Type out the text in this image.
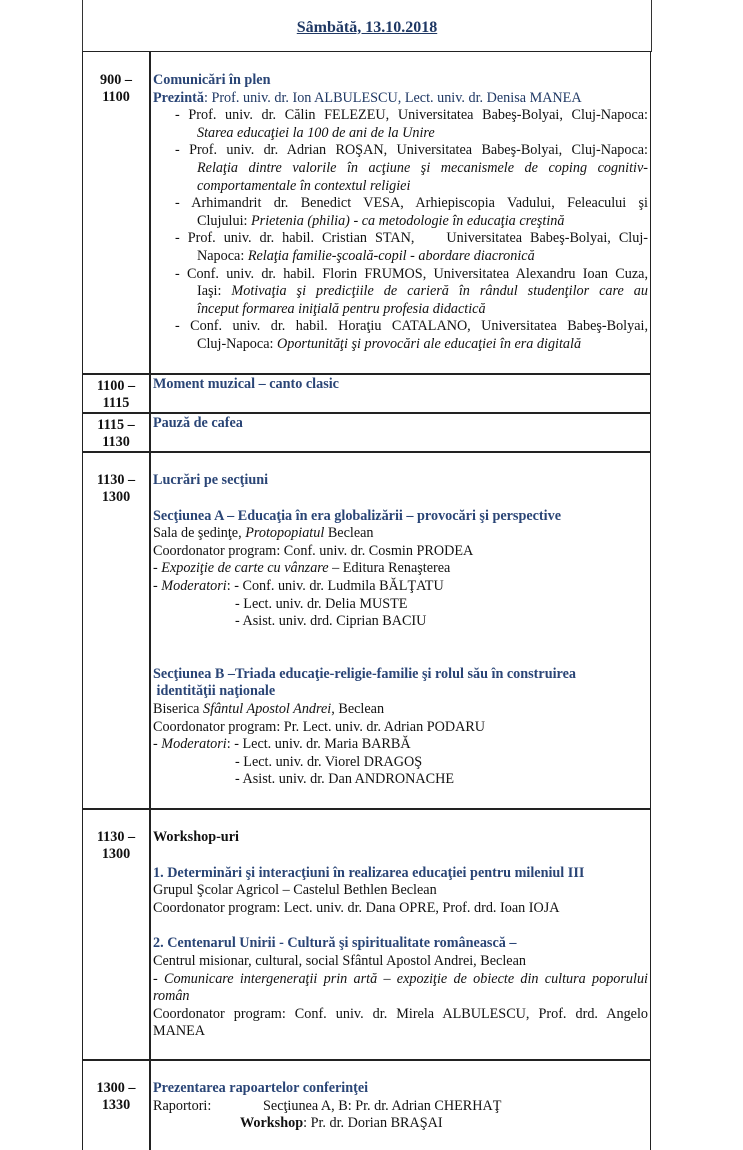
Sâmbătă, 13.10.2018
900 –
1100
Comunicări în plen
Prezintă: Prof. univ. dr. Ion ALBULESCU, Lect. univ. dr. Denisa MANEA
- Prof. univ. dr. Călin FELEZEU, Universitatea Babeş-Bolyai, Cluj-Napoca:
Starea educaţiei la 100 de ani de la Unire
- Prof. univ. dr. Adrian ROŞAN, Universitatea Babeş-Bolyai, Cluj-Napoca:
Relaţia dintre valorile în acţiune şi mecanismele de coping cognitiv-
comportamentale în contextul religiei
- Arhimandrit dr. Benedict VESA, Arhiepiscopia Vadului, Feleacului şi
Clujului: Prietenia (philia) - ca metodologie în educaţia creştină
- Prof. univ. dr. habil. Cristian STAN,    Universitatea Babeş-Bolyai, Cluj-
Napoca: Relaţia familie-şcoală-copil - abordare diacronică
- Conf. univ. dr. habil. Florin FRUMOS, Universitatea Alexandru Ioan Cuza,
Iaşi: Motivaţia şi predicţiile de carieră în rândul studenţilor care au
început formarea iniţială pentru profesia didactică
- Conf. univ. dr. habil. Horaţiu CATALANO, Universitatea Babeş-Bolyai,
Cluj-Napoca: Oportunităţi şi provocări ale educaţiei în era digitală
1100 –
1115
Moment muzical – canto clasic
1115 –
1130
Pauză de cafea
1130 –
1300
Lucrări pe secţiuni
Secţiunea A – Educaţia în era globalizării – provocări şi perspective
Sala de şedinţe, Protopopiatul Beclean
Coordonator program: Conf. univ. dr. Cosmin PRODEA
- Expoziţie de carte cu vânzare – Editura Renaşterea
- Moderatori: - Conf. univ. dr. Ludmila BĂLŢATU
- Lect. univ. dr. Delia MUSTE
- Asist. univ. drd. Ciprian BACIU
Secţiunea B –Triada educaţie-religie-familie şi rolul său în construirea
identităţii naţionale
Biserica Sfântul Apostol Andrei, Beclean
Coordonator program: Pr. Lect. univ. dr. Adrian PODARU
- Moderatori: - Lect. univ. dr. Maria BARBĂ
- Lect. univ. dr. Viorel DRAGOŞ
- Asist. univ. dr. Dan ANDRONACHE
1130 –
1300
Workshop-uri
1. Determinări şi interacţiuni în realizarea educaţiei pentru mileniul III
Grupul Şcolar Agricol – Castelul Bethlen Beclean
Coordonator program: Lect. univ. dr. Dana OPRE, Prof. drd. Ioan IOJA
2. Centenarul Unirii - Cultură şi spiritualitate românească –
Centrul misionar, cultural, social Sfântul Apostol Andrei, Beclean
- Comunicare intergeneraţii prin artă – expoziţie de obiecte din cultura poporului
român
Coordonator program: Conf. univ. dr. Mirela ALBULESCU, Prof. drd. Angelo
MANEA
1300 –
1330
Prezentarea rapoartelor conferinţei
Raportori:	Secţiunea A, B: Pr. dr. Adrian CHERHAŢ
Workshop: Pr. dr. Dorian BRAŞAI
